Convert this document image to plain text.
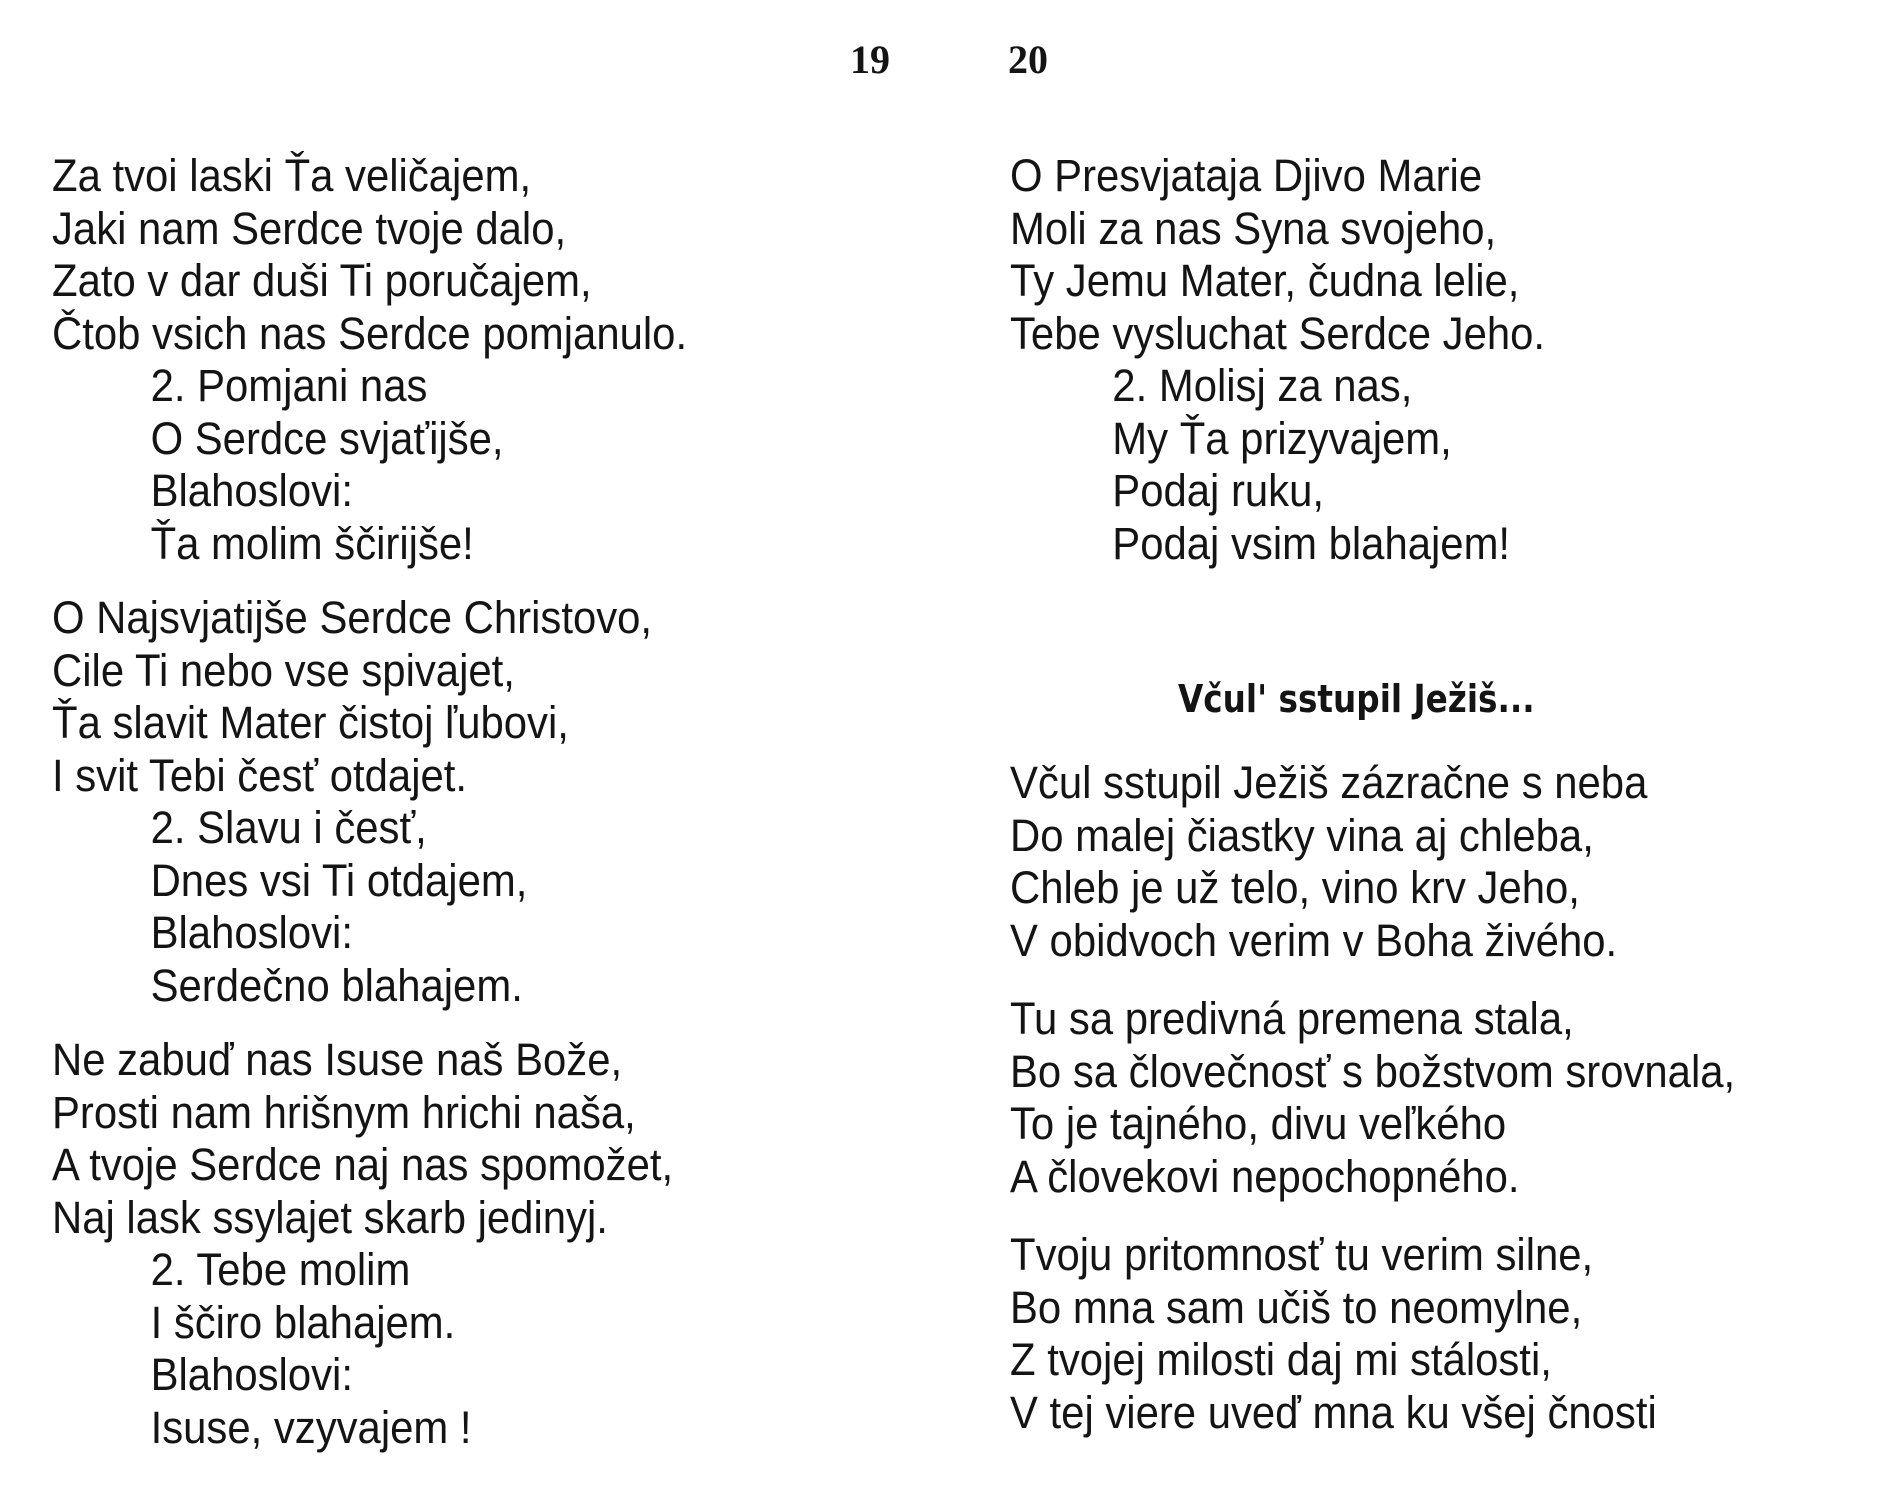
19	20
Za tvoi laski Ťa veličajem,
Jaki nam Serdce tvoje dalo,
Zato v dar duši Ti poručajem,
Čtob vsich nas Serdce pomjanulo.
2. Pomjani nas
O Serdce svjaťijše,
Blahoslovi:
Ťa molim ščirijše!
O Najsvjatijše Serdce Christovo,
Cile Ti nebo vse spivajet,
Ťa slavit Mater čistoj ľubovi,
I svit Tebi česť otdajet.
2. Slavu i česť,
Dnes vsi Ti otdajem,
Blahoslovi:
Serdečno blahajem.
Ne zabuď nas Isuse naš Bože,
Prosti nam hrišnym hrichi naša,
A tvoje Serdce naj nas spomožet,
Naj lask ssylajet skarb jedinyj.
2. Tebe molim
I ščiro blahajem.
Blahoslovi:
Isuse, vzyvajem !
O Presvjataja Djivo Marie
Moli za nas Syna svojeho,
Ty Jemu Mater, čudna lelie,
Tebe vysluchat Serdce Jeho.
2. Molisj za nas,
My Ťa prizyvajem,
Podaj ruku,
Podaj vsim blahajem!
Včul' sstupil Ježiš...
Včul sstupil Ježiš zázračne s neba
Do malej čiastky vina aj chleba,
Chleb je už telo, vino krv Jeho,
V obidvoch verim v Boha živého.
Tu sa predivná premena stala,
Bo sa človečnosť s božstvom srovnala,
To je tajného, divu veľkého
A človekovi nepochopného.
Tvoju pritomnosť tu verim silne,
Bo mna sam učiš to neomylne,
Z tvojej milosti daj mi stálosti,
V tej viere uveď mna ku všej čnosti
